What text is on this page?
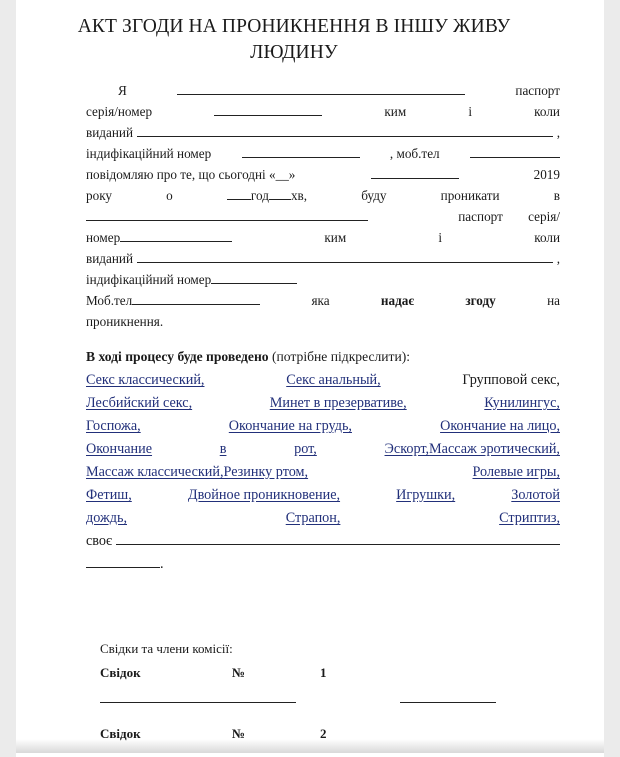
АКТ ЗГОДИ НА ПРОНИКНЕННЯ В ІНШУ ЖИВУ
ЛЮДИНУ
Я	паспорт
серія/номер	ким	і	коли
виданий	,
індифікаційний номер	, моб.тел
повідомляю про те, що сьогодні «__»	2019
року	о	год хв,	буду	проникати	в
паспорт серія/
номер	ким	і	коли
виданий	,
індифікаційний номер
Моб.тел	яка	надає	згоду	на
проникнення.
В ході процесу буде проведено (потрібне підкреслити):
Секс классический,	Секс анальный,	Групповой секс,
Лесбийский секс,	Минет в презервативе,	Кунилингус,
Госпожа,	Окончание на грудь,	Окончание на лицо,
Окончание	в	рот,	Эскорт,Массаж эротический,
Массаж классический,Резинку ртом,	Ролевые игры,
Фетиш,	Двойное проникновение,	Игрушки,	Золотой
дождь,	Страпон,	Стриптиз,
своє
.
Свідки та члени комісії:
Свідок	№	1
Свідок	№	2
